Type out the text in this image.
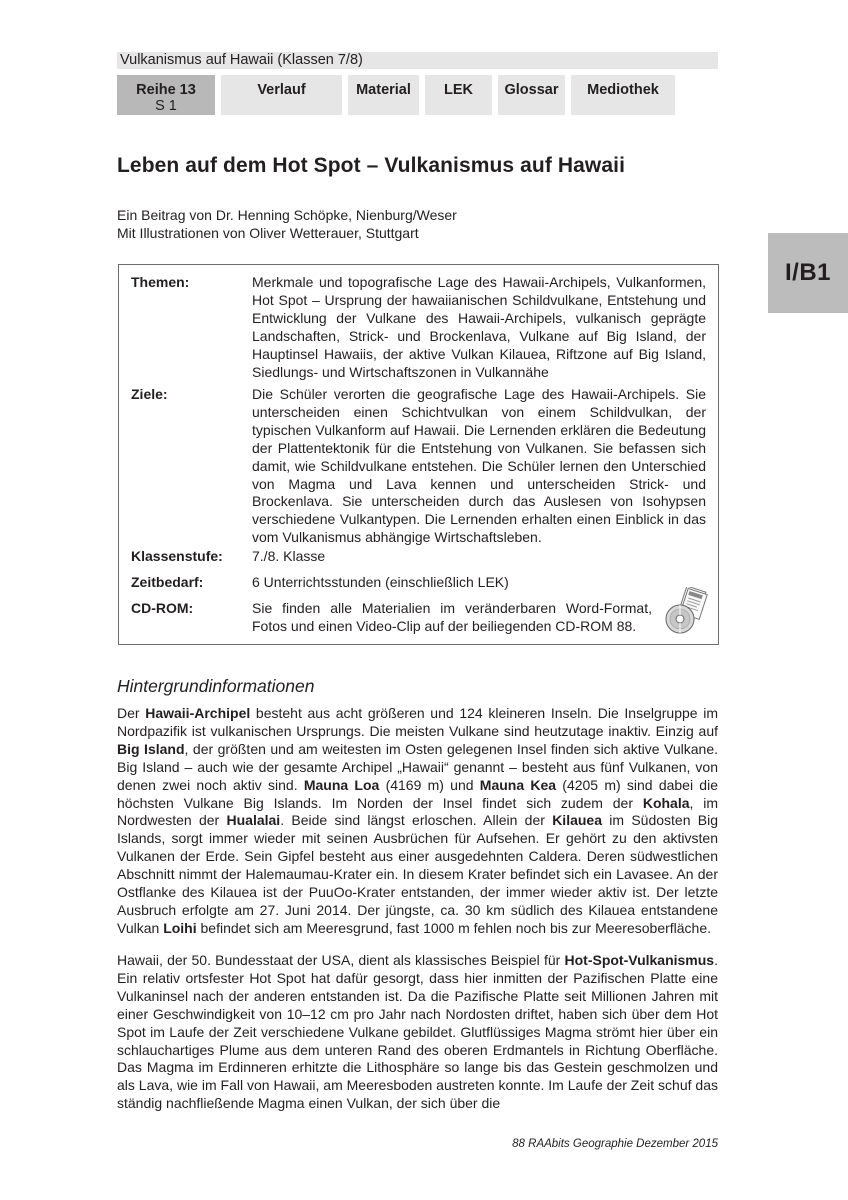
Vulkanismus auf Hawaii (Klassen 7/8)
Reihe 13
S 1
Verlauf	Material LEK Glossar Mediothek
I/B1
Leben auf dem Hot Spot – Vulkanismus auf Hawaii
Ein Beitrag von Dr. Henning Schöpke, Nienburg/Weser
Mit Illustrationen von Oliver Wetterauer, Stuttgart
Themen:	Merkmale und topografische Lage des Hawaii-Archipels, Vulkanformen, Hot Spot – Ursprung der hawaiianischen Schildvulkane, Entstehung und Entwicklung der Vulkane des Hawaii-Archipels, vulkanisch geprägte Landschaften, Strick- und Brockenlava, Vulkane auf Big Island, der Hauptinsel Hawaiis, der aktive Vulkan Kilauea, Riftzone auf Big Island, Siedlungs- und Wirtschaftszonen in Vulkannähe
Ziele:	Die Schüler verorten die geografische Lage des Hawaii-Archipels. Sie unterscheiden einen Schichtvulkan von einem Schildvulkan, der typischen Vulkanform auf Hawaii. Die Lernenden erklären die Bedeutung der Plattentektonik für die Entstehung von Vulkanen. Sie befassen sich damit, wie Schildvulkane entstehen. Die Schüler lernen den Unterschied von Magma und Lava kennen und unterscheiden Strick- und Brockenlava. Sie unterscheiden durch das Auslesen von Isohypsen verschiedene Vulkantypen. Die Lernenden erhalten einen Einblick in das vom Vulkanismus abhängige Wirtschaftsleben.
Klassenstufe:	7./8. Klasse
Zeitbedarf:	6 Unterrichtsstunden (einschließlich LEK)
CD-ROM:	Sie finden alle Materialien im veränderbaren Word-Format, Fotos und einen Video-Clip auf der beiliegenden CD-ROM 88.
Hintergrundinformationen

Der Hawaii-Archipel besteht aus acht größeren und 124 kleineren Inseln. Die Inselgruppe im Nordpazifik ist vulkanischen Ursprungs. Die meisten Vulkane sind heutzutage inaktiv. Einzig auf Big Island, der größten und am weitesten im Osten gelegenen Insel finden sich aktive Vulkane. Big Island – auch wie der gesamte Archipel „Hawaii“ genannt – besteht aus fünf Vulkanen, von denen zwei noch aktiv sind. Mauna Loa (4169 m) und Mauna Kea (4205 m) sind dabei die höchsten Vulkane Big Islands. Im Norden der Insel findet sich zudem der Kohala, im Nordwesten der Hualalai. Beide sind längst erloschen. Allein der Kilauea im Südosten Big Islands, sorgt immer wieder mit seinen Ausbrüchen für Aufsehen. Er gehört zu den aktivsten Vulkanen der Erde. Sein Gipfel besteht aus einer ausgedehnten Caldera. Deren südwestlichen Abschnitt nimmt der Halemaumau-Krater ein. In diesem Krater befindet sich ein Lavasee. An der Ostflanke des Kilauea ist der PuuOo-Krater entstanden, der immer wieder aktiv ist. Der letzte Ausbruch erfolgte am 27. Juni 2014. Der jüngste, ca. 30 km südlich des Kilauea entstandene Vulkan Loihi befindet sich am Meeresgrund, fast 1000 m fehlen noch bis zur Meeresoberfläche.

Hawaii, der 50. Bundesstaat der USA, dient als klassisches Beispiel für Hot-Spot-Vulkanismus. Ein relativ ortsfester Hot Spot hat dafür gesorgt, dass hier inmitten der Pazifischen Platte eine Vulkaninsel nach der anderen entstanden ist. Da die Pazifische Platte seit Millionen Jahren mit einer Geschwindigkeit von 10–12 cm pro Jahr nach Nordosten driftet, haben sich über dem Hot Spot im Laufe der Zeit verschiedene Vulkane gebildet. Glutflüssiges Magma strömt hier über ein schlauchartiges Plume aus dem unteren Rand des oberen Erdmantels in Richtung Oberfläche. Das Magma im Erdinneren erhitzte die Lithosphäre so lange bis das Gestein geschmolzen und als Lava, wie im Fall von Hawaii, am Meeresboden austreten konnte. Im Laufe der Zeit schuf das ständig nachfließende Magma einen Vulkan, der sich über die

88 RAAbits Geographie Dezember 2015
